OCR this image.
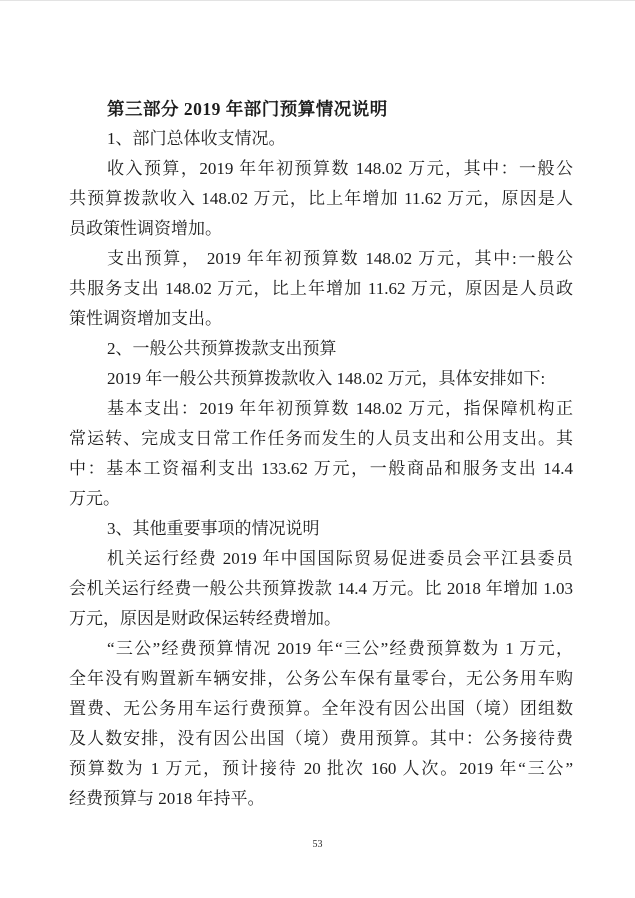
第三部分 2019 年部门预算情况说明
1、部门总体收支情况。
收入预算，2019 年年初预算数 148.02 万元，其中：一般公
共预算拨款收入 148.02 万元，比上年增加 11.62 万元，原因是人
员政策性调资增加。
支出预算， 2019 年年初预算数 148.02 万元，其中:一般公
共服务支出 148.02 万元，比上年增加 11.62 万元，原因是人员政
策性调资增加支出。
2、一般公共预算拨款支出预算
2019 年一般公共预算拨款收入 148.02 万元，具体安排如下:
基本支出：2019 年年初预算数 148.02 万元，指保障机构正
常运转、完成支日常工作任务而发生的人员支出和公用支出。其
中：基本工资福利支出 133.62 万元，一般商品和服务支出 14.4
万元。
3、其他重要事项的情况说明
机关运行经费 2019 年中国国际贸易促进委员会平江县委员
会机关运行经费一般公共预算拨款 14.4 万元。比 2018 年增加 1.03
万元，原因是财政保运转经费增加。
“三公”经费预算情况 2019 年“三公”经费预算数为 1 万元，
全年没有购置新车辆安排，公务公车保有量零台，无公务用车购
置费、无公务用车运行费预算。全年没有因公出国（境）团组数
及人数安排，没有因公出国（境）费用预算。其中：公务接待费
预算数为 1 万元，预计接待 20 批次 160 人次。2019 年“三公”
经费预算与 2018 年持平。
53
